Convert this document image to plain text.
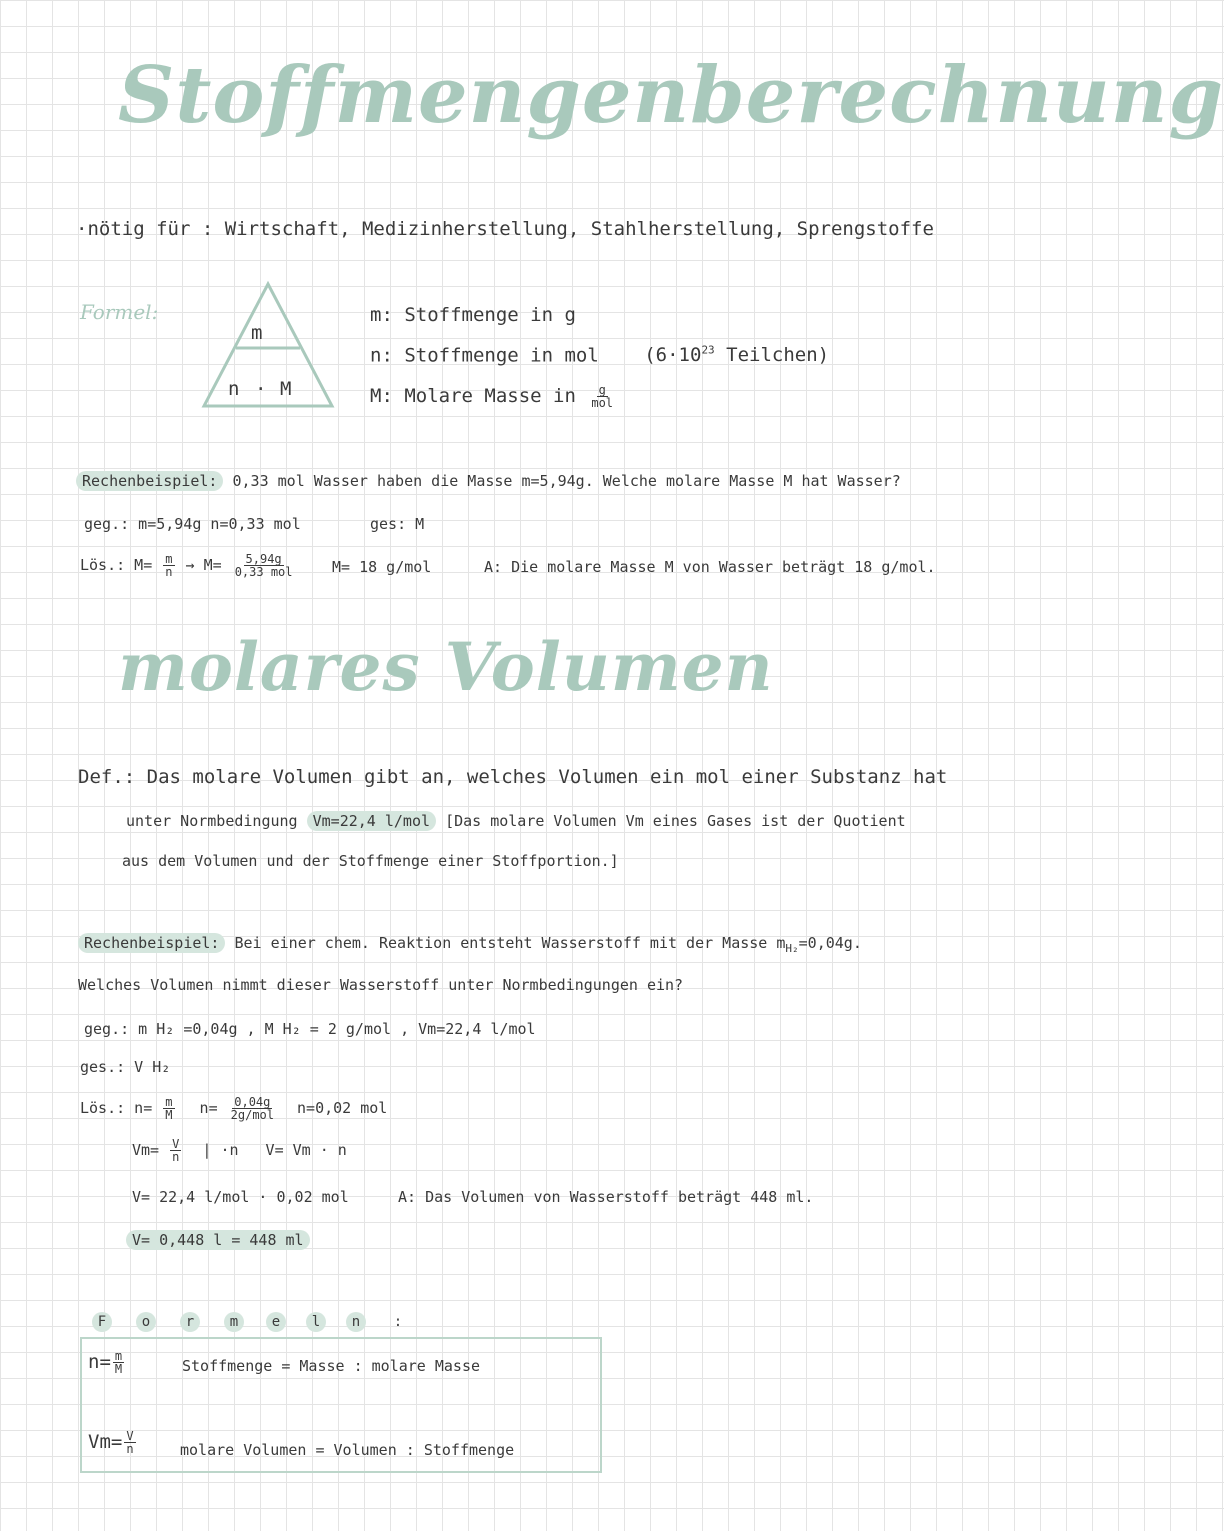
Stoffmengenberechnung
·nötig für : Wirtschaft, Medizinherstellung, Stahlherstellung, Sprengstoffe
Formel:
m
n · M
m: Stoffmenge in g
n: Stoffmenge in mol ($6\cdot 10^{23}$ Teilchen)
M: Molare Masse in $\frac{g}{\text{mol}}$
Rechenbeispiel: 0,33 mol Wasser haben die Masse m=5,94g. Welche molare Masse M hat Wasser?
geg.: m=5,94g n=0,33 mol	ges: M
Lös.: $M= \frac{m}{n} \to M= \frac{5,94g}{\text{0,33 mol}}$	M= 18 g/mol	A: Die molare Masse M von Wasser beträgt 18 g/mol.
molares Volumen
Def.: Das molare Volumen gibt an, welches Volumen ein mol einer Substanz hat
unter Normbedingung Vm=22,4 l/mol [Das molare Volumen Vm eines Gases ist der Quotient
aus dem Volumen und der Stoffmenge einer Stoffportion.]
Rechenbeispiel: Bei einer chem. Reaktion entsteht Wasserstoff mit der Masse $m_{H_2}=0,04g$.
Welches Volumen nimmt dieser Wasserstoff unter Normbedingungen ein?
geg.: m H₂ =0,04g , M H₂ = 2 g/mol , Vm=22,4 l/mol
ges.: V H₂
Lös.: $n= \frac{m}{M} n= \frac{0,04g}{\text{2g/mol}} n=0,02$ mol
$Vm= \frac{V}{n}$ | ·n V= Vm · n
V= 22,4 l/mol · 0,02 mol	A: Das Volumen von Wasserstoff beträgt 448 ml.
V= 0,448 l = 448 ml
F	o	r	m	e	l	n	:
$n= \frac{m}{M}$	Stoffmenge = Masse : molare Masse
$Vm= \frac{V}{n}$	molare Volumen = Volumen : Stoffmenge
